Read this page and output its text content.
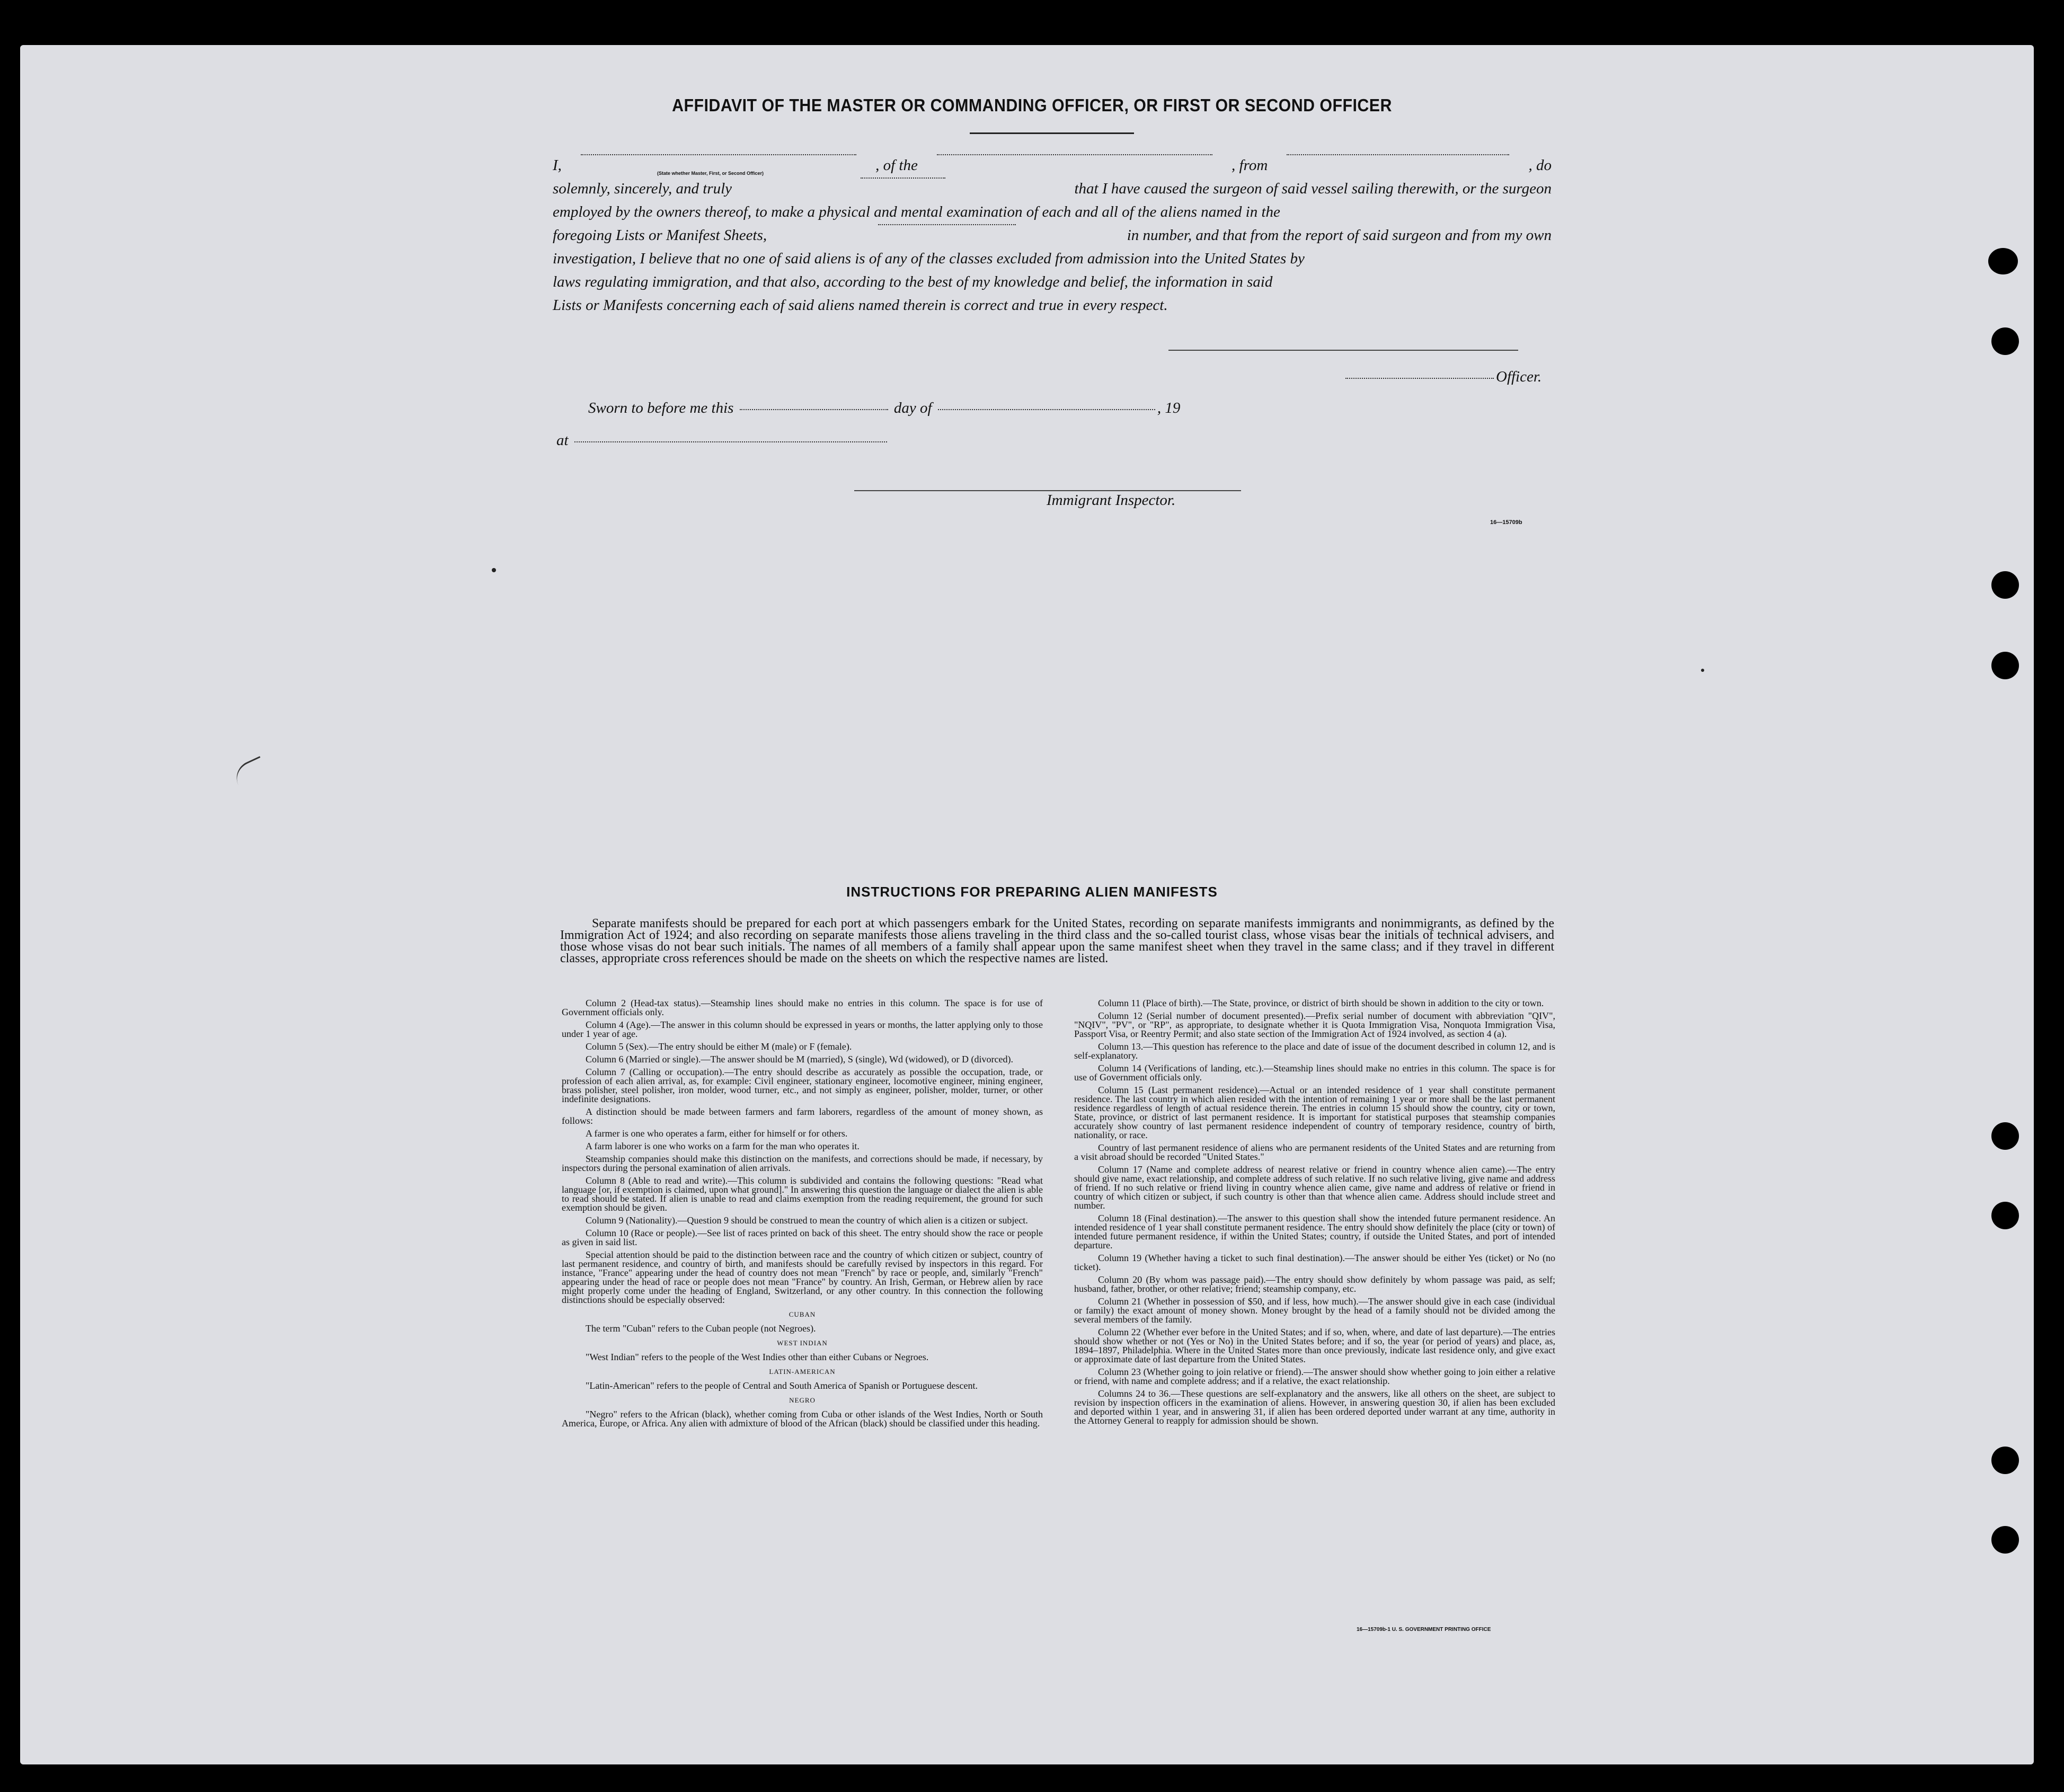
AFFIDAVIT OF THE MASTER OR COMMANDING OFFICER, OR FIRST OR SECOND OFFICER
I,	, of the	, from	, do
solemnly, sincerely, and truly	that I have caused the surgeon of said vessel sailing therewith, or the surgeon
employed by the owners thereof, to make a physical and mental examination of each and all of the aliens named in the
foregoing Lists or Manifest Sheets,	in number, and that from the report of said surgeon and from my own
investigation, I believe that no one of said aliens is of any of the classes excluded from admission into the United States by
laws regulating immigration, and that also, according to the best of my knowledge and belief, the information in said
Lists or Manifests concerning each of said aliens named therein is correct and true in every respect.
(State whether Master, First, or Second Officer)
Officer.
Sworn to before me this	day of	, 19
at
Immigrant Inspector.
16—15709b
INSTRUCTIONS FOR PREPARING ALIEN MANIFESTS
Separate manifests should be prepared for each port at which passengers embark for the United States, recording on separate manifests immigrants and nonimmigrants, as defined by the Immigration Act of 1924; and also recording on separate manifests those aliens traveling in the third class and the so-called tourist class, whose visas bear the initials of technical advisers, and those whose visas do not bear such initials. The names of all members of a family shall appear upon the same manifest sheet when they travel in the same class; and if they travel in different classes, appropriate cross references should be made on the sheets on which the respective names are listed.

Column 2 (Head-tax status).—Steamship lines should make no entries in this column. The space is for use of Government officials only.

Column 4 (Age).—The answer in this column should be expressed in years or months, the latter applying only to those under 1 year of age.

Column 5 (Sex).—The entry should be either M (male) or F (female).

Column 6 (Married or single).—The answer should be M (married), S (single), Wd (widowed), or D (divorced).

Column 7 (Calling or occupation).—The entry should describe as accurately as possible the occupation, trade, or profession of each alien arrival, as, for example: Civil engineer, stationary engineer, locomotive engineer, mining engineer, brass polisher, steel polisher, iron molder, wood turner, etc., and not simply as engineer, polisher, molder, turner, or other indefinite designations.

A distinction should be made between farmers and farm laborers, regardless of the amount of money shown, as follows:

A farmer is one who operates a farm, either for himself or for others.

A farm laborer is one who works on a farm for the man who operates it.

Steamship companies should make this distinction on the manifests, and corrections should be made, if necessary, by inspectors during the personal examination of alien arrivals.

Column 8 (Able to read and write).—This column is subdivided and contains the following questions: "Read what language [or, if exemption is claimed, upon what ground]." In answering this question the language or dialect the alien is able to read should be stated. If alien is unable to read and claims exemption from the reading requirement, the ground for such exemption should be given.

Column 9 (Nationality).—Question 9 should be construed to mean the country of which alien is a citizen or subject.

Column 10 (Race or people).—See list of races printed on back of this sheet. The entry should show the race or people as given in said list.

Special attention should be paid to the distinction between race and the country of which citizen or subject, country of last permanent residence, and country of birth, and manifests should be carefully revised by inspectors in this regard. For instance, "France" appearing under the head of country does not mean "French" by race or people, and, similarly "French" appearing under the head of race or people does not mean "France" by country. An Irish, German, or Hebrew alien by race might properly come under the heading of England, Switzerland, or any other country. In this connection the following distinctions should be especially observed:

CUBAN

The term "Cuban" refers to the Cuban people (not Negroes).

WEST INDIAN

"West Indian" refers to the people of the West Indies other than either Cubans or Negroes.

LATIN-AMERICAN

"Latin-American" refers to the people of Central and South America of Spanish or Portuguese descent.

NEGRO

"Negro" refers to the African (black), whether coming from Cuba or other islands of the West Indies, North or South America, Europe, or Africa. Any alien with admixture of blood of the African (black) should be classified under this heading.

Column 11 (Place of birth).—The State, province, or district of birth should be shown in addition to the city or town.

Column 12 (Serial number of document presented).—Prefix serial number of document with abbreviation "QIV", "NQIV", "PV", or "RP", as appropriate, to designate whether it is Quota Immigration Visa, Nonquota Immigration Visa, Passport Visa, or Reentry Permit; and also state section of the Immigration Act of 1924 involved, as section 4 (a).

Column 13.—This question has reference to the place and date of issue of the document described in column 12, and is self-explanatory.

Column 14 (Verifications of landing, etc.).—Steamship lines should make no entries in this column. The space is for use of Government officials only.

Column 15 (Last permanent residence).—Actual or an intended residence of 1 year shall constitute permanent residence. The last country in which alien resided with the intention of remaining 1 year or more shall be the last permanent residence regardless of length of actual residence therein. The entries in column 15 should show the country, city or town, State, province, or district of last permanent residence. It is important for statistical purposes that steamship companies accurately show country of last permanent residence independent of country of temporary residence, country of birth, nationality, or race.

Country of last permanent residence of aliens who are permanent residents of the United States and are returning from a visit abroad should be recorded "United States."

Column 17 (Name and complete address of nearest relative or friend in country whence alien came).—The entry should give name, exact relationship, and complete address of such relative. If no such relative living, give name and address of friend. If no such relative or friend living in country whence alien came, give name and address of relative or friend in country of which citizen or subject, if such country is other than that whence alien came. Address should include street and number.

Column 18 (Final destination).—The answer to this question shall show the intended future permanent residence. An intended residence of 1 year shall constitute permanent residence. The entry should show definitely the place (city or town) of intended future permanent residence, if within the United States; country, if outside the United States, and port of intended departure.

Column 19 (Whether having a ticket to such final destination).—The answer should be either Yes (ticket) or No (no ticket).

Column 20 (By whom was passage paid).—The entry should show definitely by whom passage was paid, as self; husband, father, brother, or other relative; friend; steamship company, etc.

Column 21 (Whether in possession of $50, and if less, how much).—The answer should give in each case (individual or family) the exact amount of money shown. Money brought by the head of a family should not be divided among the several members of the family.

Column 22 (Whether ever before in the United States; and if so, when, where, and date of last departure).—The entries should show whether or not (Yes or No) in the United States before; and if so, the year (or period of years) and place, as, 1894–1897, Philadelphia. Where in the United States more than once previously, indicate last residence only, and give exact or approximate date of last departure from the United States.

Column 23 (Whether going to join relative or friend).—The answer should show whether going to join either a relative or friend, with name and complete address; and if a relative, the exact relationship.

Columns 24 to 36.—These questions are self-explanatory and the answers, like all others on the sheet, are subject to revision by inspection officers in the examination of aliens. However, in answering question 30, if alien has been excluded and deported within 1 year, and in answering 31, if alien has been ordered deported under warrant at any time, authority in the Attorney General to reapply for admission should be shown.

16—15709b-1 U. S. GOVERNMENT PRINTING OFFICE
